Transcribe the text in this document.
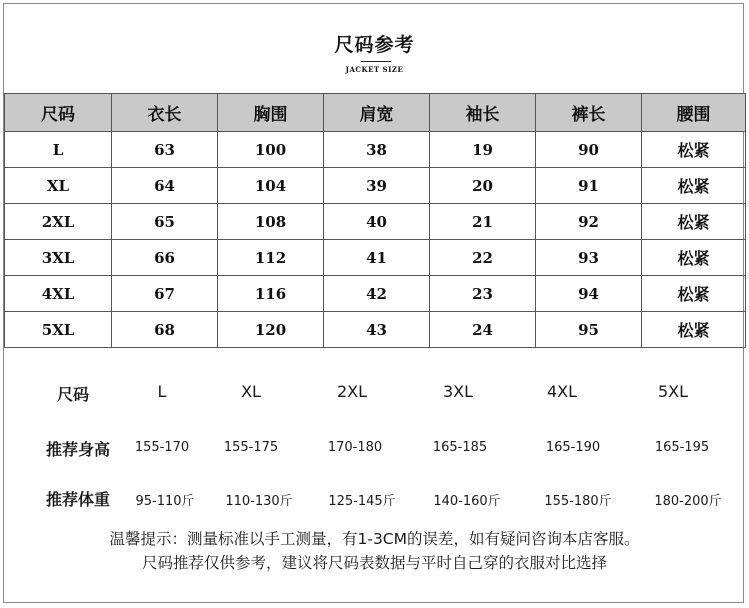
尺码参考
JACKET SIZE
尺码	衣长	胸围	肩宽	袖长	裤长	腰围
L	63	100	38	19	90	松紧
XL	64	104	39	20	91	松紧
2XL	65	108	40	21	92	松紧
3XL	66	112	41	22	93	松紧
4XL	67	116	42	23	94	松紧
5XL	68	120	43	24	95	松紧
尺码	L	XL	2XL	3XL	4XL	5XL
推荐身高 155-170	155-175	170-180	165-185	165-190	165-195
推荐体重 95-110斤 110-130斤	125-145斤	140-160斤	155-180斤	180-200斤
温馨提示：测量标准以手工测量，有1-3CM的误差，如有疑问咨询本店客服。
尺码推荐仅供参考，建议将尺码表数据与平时自己穿的衣服对比选择
